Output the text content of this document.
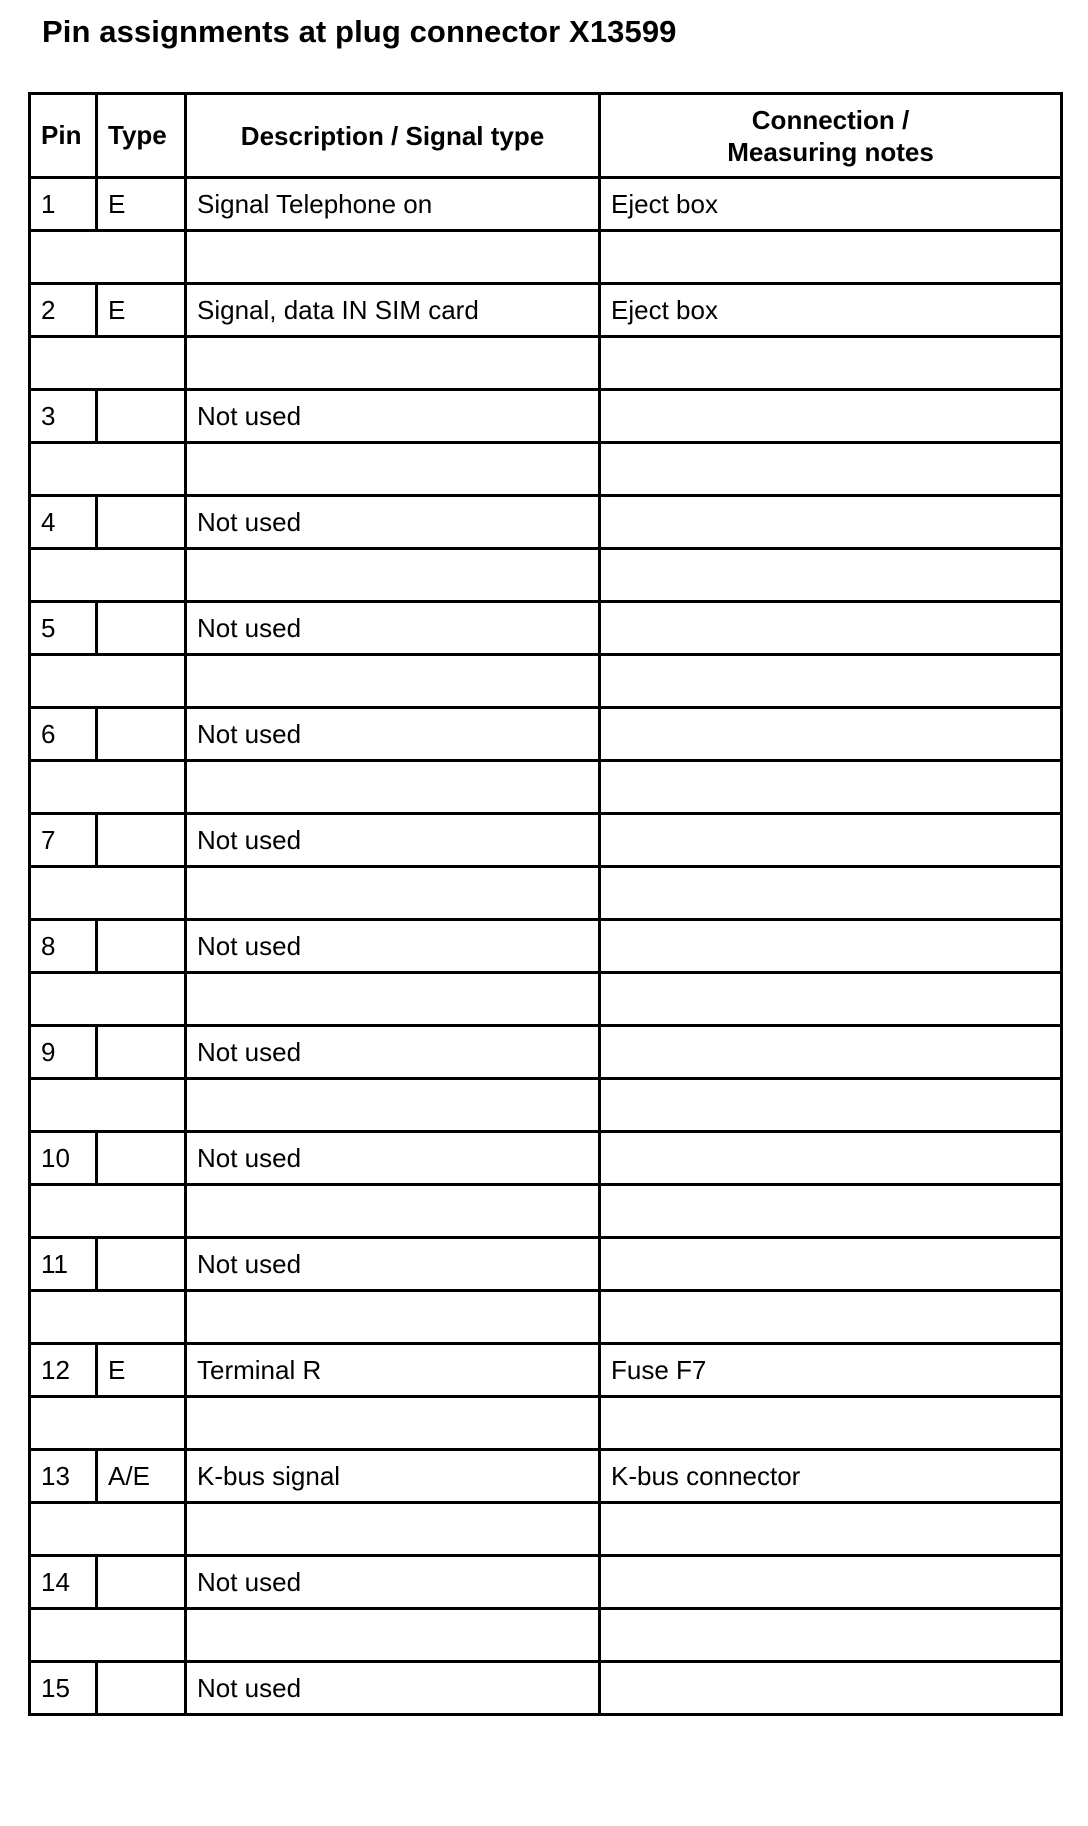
Pin assignments at plug connector X13599
Pin	Type	Description / Signal type	Connection /
Measuring notes
1	E	Signal Telephone on	Eject box

2	E	Signal, data IN SIM card	Eject box

3		Not used	

4		Not used	

5		Not used	

6		Not used	

7		Not used	

8		Not used	

9		Not used	

10		Not used	

11		Not used	

12	E	Terminal R	Fuse F7

13	A/E	K-bus signal	K-bus connector

14		Not used	

15		Not used	
